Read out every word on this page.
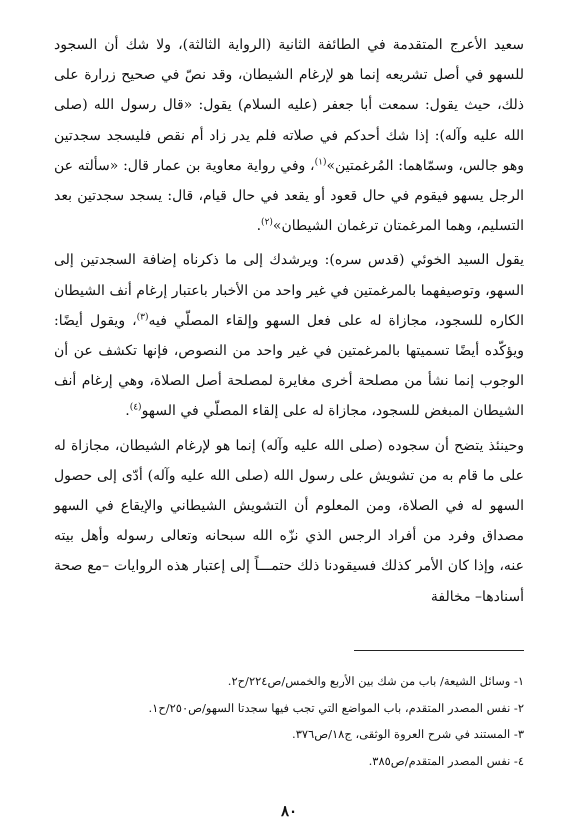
سعيد الأعرج المتقدمة في الطائفة الثانية (الرواية الثالثة)، ولا شك أن السجود للسهو في أصل تشريعه إنما هو لإرغام الشيطان، وقد نصّ في صحيح زرارة على ذلك، حيث يقول: سمعت أبا جعفر (عليه السلام) يقول: «قال رسول الله (صلى الله عليه وآله): إذا شك أحدكم في صلاته فلم يدر زاد أم نقص فليسجد سجدتين وهو جالس، وسمّاهما: المُرغمتين»$^{(١)}$، وفي رواية معاوية بن عمار قال: «سألته عن الرجل يسهو فيقوم في حال قعود أو يقعد في حال قيام، قال: يسجد سجدتين بعد التسليم، وهما المرغمتان ترغمان الشيطان»$^{(٢)}$.

يقول السيد الخوئي (قدس سره): ويرشدك إلى ما ذكرناه إضافة السجدتين إلى السهو، وتوصيفهما بالمرغمتين في غير واحد من الأخبار باعتبار إرغام أنف الشيطان الكاره للسجود، مجازاة له على فعل السهو وإلقاء المصلّي فيه$^{(٣)}$، ويقول أيضًا: ويؤكّده أيضًا تسميتها بالمرغمتين في غير واحد من النصوص، فإنها تكشف عن أن الوجوب إنما نشأ من مصلحة أخرى مغايرة لمصلحة أصل الصلاة، وهي إرغام أنف الشيطان المبغض للسجود، مجازاة له على إلقاء المصلّي في السهو$^{(٤)}$.

وحينئذ يتضح أن سجوده (صلى الله عليه وآله) إنما هو لإرغام الشيطان، مجازاة له على ما قام به من تشويش على رسول الله (صلى الله عليه وآله) أدّى إلى حصول السهو له في الصلاة، ومن المعلوم أن التشويش الشيطاني والإيقاع في السهو مصداق وفرد من أفراد الرجس الذي نزّه الله سبحانه وتعالى رسوله وأهل بيته عنه، وإذا كان الأمر كذلك فسيقودنا ذلك حتمـــاً إلى إعتبار هذه الروايات –مع صحة أسنادها– مخالفة

١- وسائل الشيعة/ باب من شك بين الأربع والخمس/ص٢٢٤/ح٢.

٢- نفس المصدر المتقدم، باب المواضع التي تجب فيها سجدتا السهو/ص٢٥٠/ح١.

٣- المستند في شرح العروة الوثقى، ج١٨/ص٣٧٦.

٤- نفس المصدر المتقدم/ص٣٨٥.

٨٠
